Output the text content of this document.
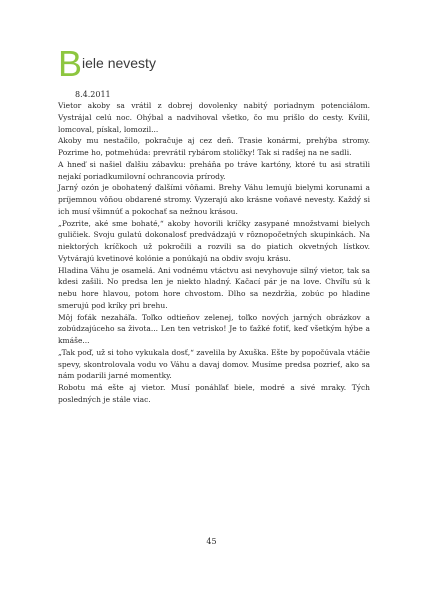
Biele nevesty
8.4.2011

Vietor akoby sa vrátil z dobrej dovolenky nabitý poriadnym potenciálom. Vystrájal celú noc. Ohýbal a nadvihoval všetko, čo mu prišlo do cesty. Kvílil, lomcoval, pískal, lomozil...

Akoby mu nestačilo, pokračuje aj cez deň. Trasie konármi, prehýba stromy. Pozrime ho, potmehúda: prevrátil rybárom stoličky! Tak si radšej na ne sadli.

A hneď si našiel ďalšiu zábavku: preháňa po tráve kartóny, ktoré tu asi stratili nejakí poriadkumilovní ochrancovia prírody.

Jarný ozón je obohatený ďalšími vôňami. Brehy Váhu lemujú bielymi korunami a príjemnou vôňou obdarené stromy. Vyzerajú ako krásne voňavé nevesty. Každý si ich musí všimnúť a pokochať sa nežnou krásou.

„Pozrite, aké sme bohaté,“ akoby hovorili kríčky zasypané množstvami bielych guličiek. Svoju gulatú dokonalosť predvádzajú v rôznopočetných skupinkách. Na niektorých kríčkoch už pokročili a rozvili sa do piatich okvetných lístkov. Vytvárajú kvetinové kolónie a ponúkajú na obdiv svoju krásu.

Hladina Váhu je osamelá. Ani vodnému vtáctvu asi nevyhovuje silný vietor, tak sa kdesi zašili. No predsa len je niekto hladný. Kačací pár je na love. Chvíľu sú k nebu hore hlavou, potom hore chvostom. Dlho sa nezdržia, zobúc po hladine smerujú pod kríky pri brehu.

Môj foťák nezaháľa. Toľko odtieňov zelenej, toľko nových jarných obrázkov a zobúdzajúceho sa života... Len ten vetrisko! Je to ťažké fotiť, keď všetkým hýbe a kmáše...

„Tak poď, už si toho vykukala dosť,“ zavelila by Axuška. Ešte by popočúvala vtáčie spevy, skontrolovala vodu vo Váhu a davaj domov. Musíme predsa pozrieť, ako sa nám podarili jarné momentky.

Robotu má ešte aj vietor. Musí ponáhľať biele, modré a sivé mraky. Tých posledných je stále viac.

45
